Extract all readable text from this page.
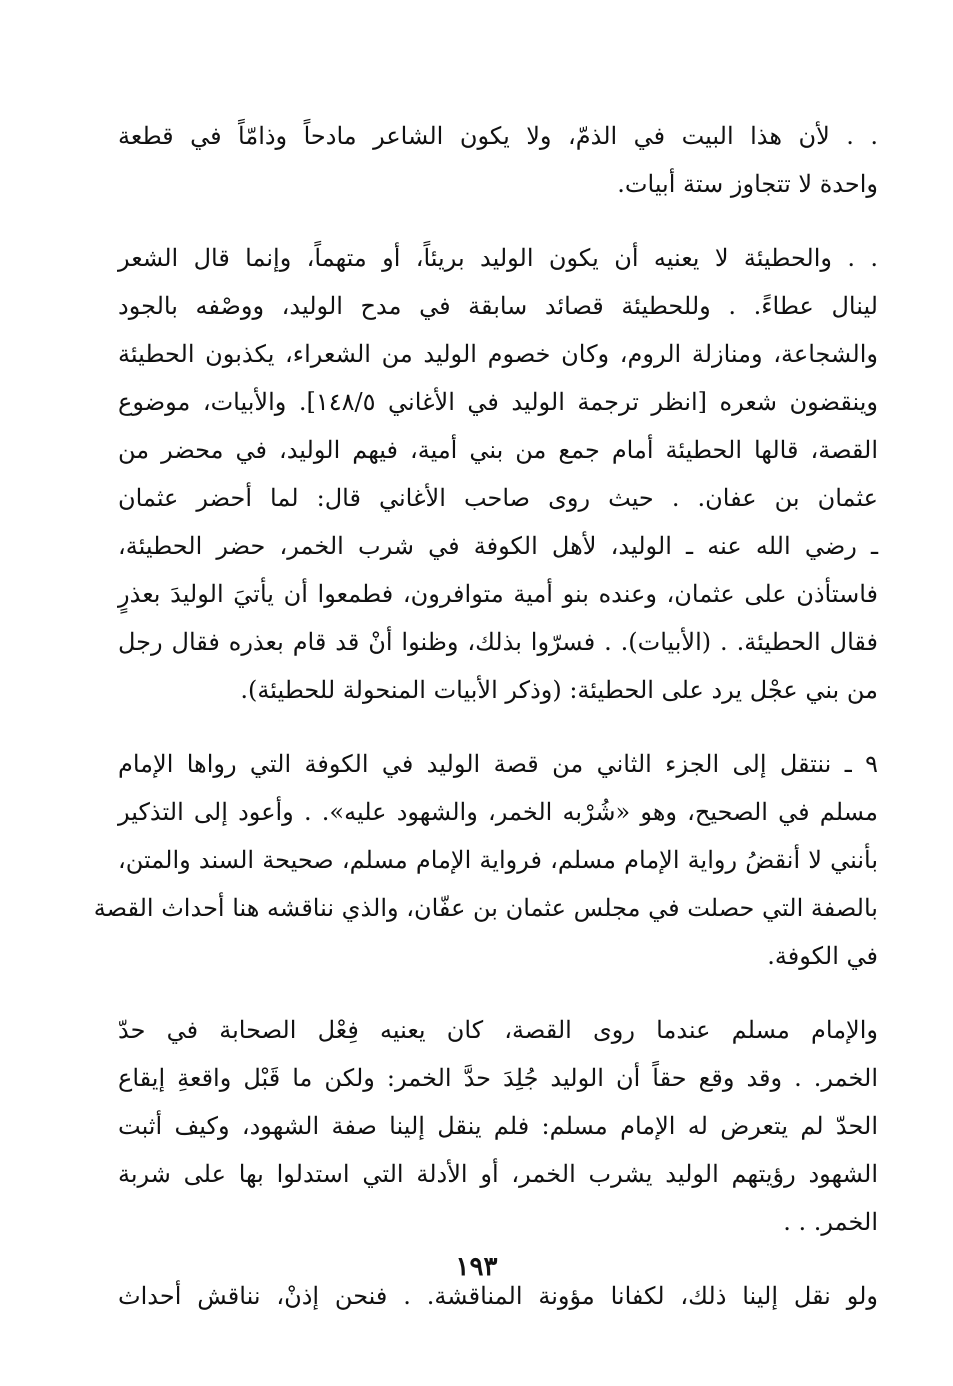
. . لأن هذا البيت في الذمّ، ولا يكون الشاعر مادحاً وذامّاً في قطعة
واحدة لا تتجاوز ستة أبيات.
. . والحطيئة لا يعنيه أن يكون الوليد بريئاً، أو متهماً، وإنما قال الشعر
لينال عطاءً. . وللحطيئة قصائد سابقة في مدح الوليد، ووصْفه بالجود
والشجاعة، ومنازلة الروم، وكان خصوم الوليد من الشعراء، يكذبون الحطيئة
وينقضون شعره [انظر ترجمة الوليد في الأغاني ١٤٨/٥]. والأبيات، موضوع
القصة، قالها الحطيئة أمام جمع من بني أمية، فيهم الوليد، في محضر من
عثمان بن عفان. . حيث روى صاحب الأغاني قال: لما أحضر عثمان
ـ رضي الله عنه ـ الوليد، لأهل الكوفة في شرب الخمر، حضر الحطيئة،
فاستأذن على عثمان، وعنده بنو أمية متوافرون، فطمعوا أن يأتيَ الوليدَ بعذرٍ
فقال الحطيئة. . (الأبيات). . فسرّوا بذلك، وظنوا أنْ قد قام بعذره فقال رجل
من بني عجْل يرد على الحطيئة: (وذكر الأبيات المنحولة للحطيئة).
٩ ـ ننتقل إلى الجزء الثاني من قصة الوليد في الكوفة التي رواها الإمام
مسلم في الصحيح، وهو «شُرْبه الخمر، والشهود عليه». . وأعود إلى التذكير
بأنني لا أنقضُ رواية الإمام مسلم، فرواية الإمام مسلم، صحيحة السند والمتن،
بالصفة التي حصلت في مجلس عثمان بن عفّان، والذي نناقشه هنا أحداث القصة
في الكوفة.
والإمام مسلم عندما روى القصة، كان يعنيه فِعْل الصحابة في حدّ
الخمر. . وقد وقع حقاً أن الوليد جُلِدَ حدَّ الخمر: ولكن ما قَبْل واقعةِ إيقاع
الحدّ لم يتعرض له الإمام مسلم: فلم ينقل إلينا صفة الشهود، وكيف أثبت
الشهود رؤيتهم الوليد يشرب الخمر، أو الأدلة التي استدلوا بها على شربة
الخمر. . .
ولو نقل إلينا ذلك، لكفانا مؤونة المناقشة. . فنحن إذنْ، نناقش أحداث
١٩٣
